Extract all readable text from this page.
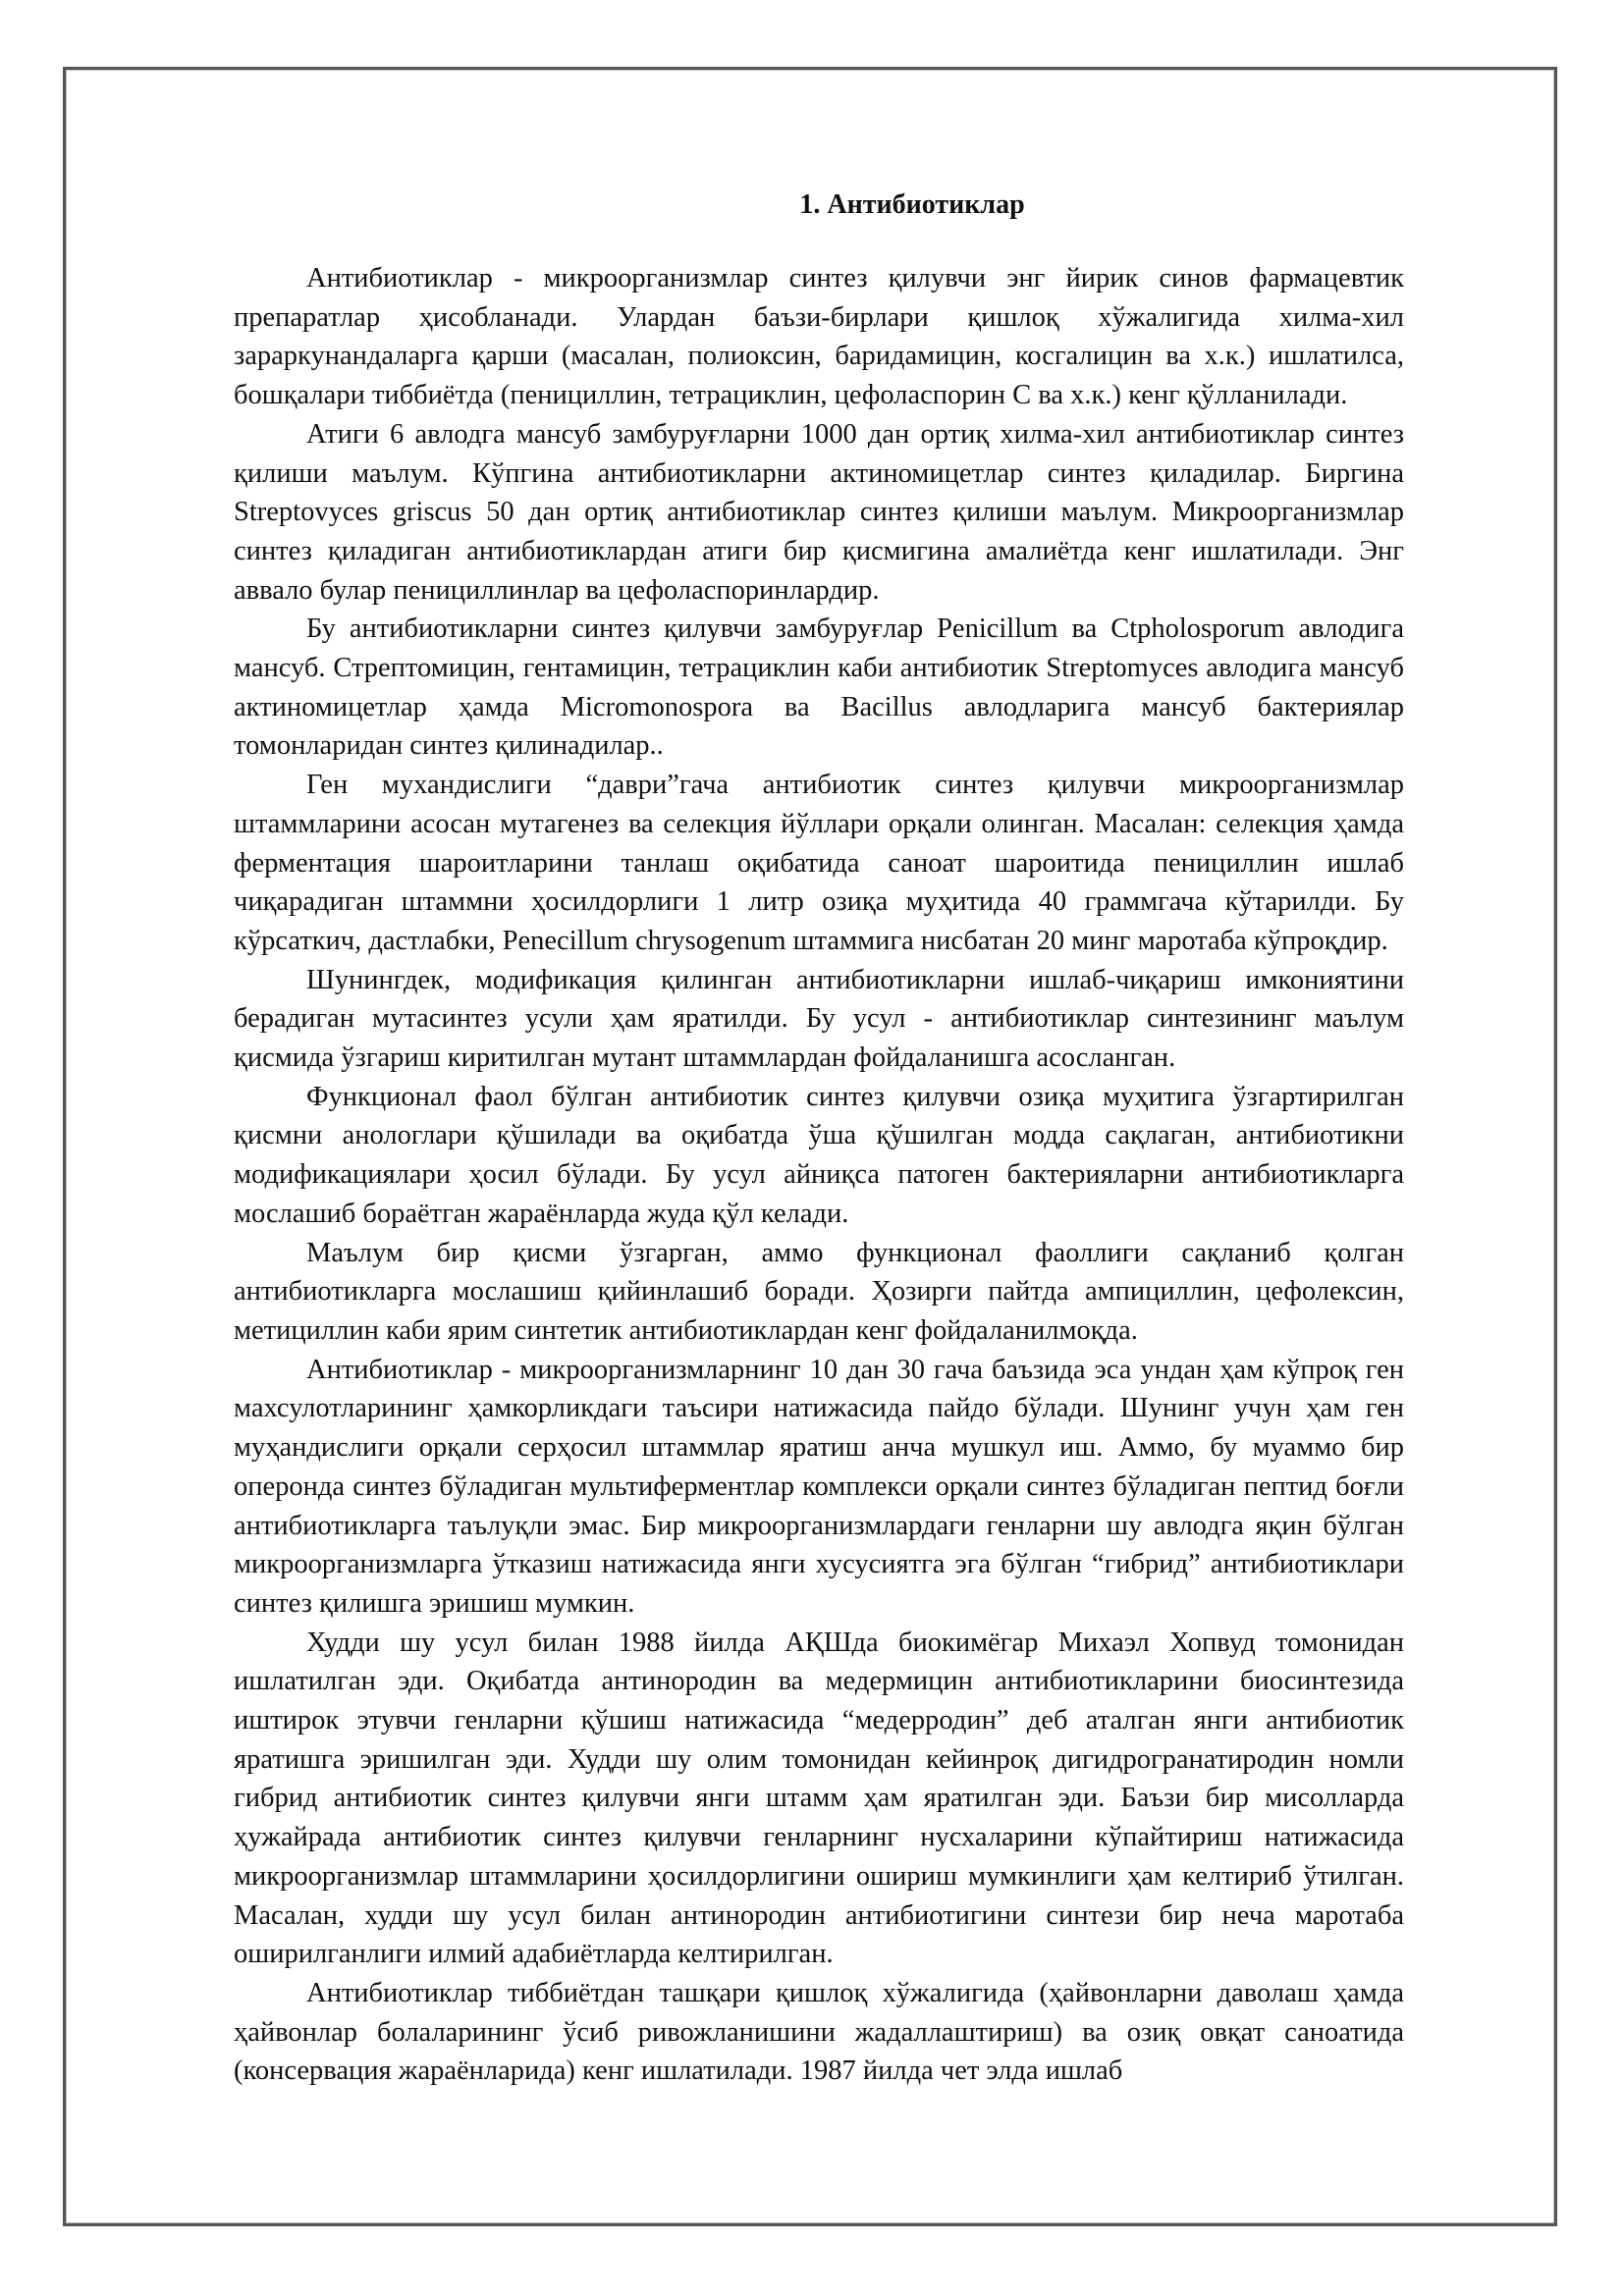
1. Антибиотиклар

Антибиотиклар - микроорганизмлар синтез қилувчи энг йирик синов фармацевтик препаратлар ҳисобланади. Улардан баъзи-бирлари қишлоқ хўжалигида хилма-хил зараркунандаларга қарши (масалан, полиоксин, баридамицин, косгалицин ва х.к.) ишлатилса, бошқалари тиббиётда (пенициллин, тетрациклин, цефоласпорин С ва х.к.) кенг қўлланилади.

Атиги 6 авлодга мансуб замбуруғларни 1000 дан ортиқ хилма-хил антибиотиклар синтез қилиши маълум. Кўпгина антибиотикларни актиномицетлар синтез қиладилар. Биргина Streptovyces griscus 50 дан ортиқ антибиотиклар синтез қилиши маълум. Микроорганизмлар синтез қиладиган антибиотиклардан атиги бир қисмигина амалиётда кенг ишлатилади. Энг аввало булар пенициллинлар ва цефоласпоринлардир.

Бу антибиотикларни синтез қилувчи замбуруғлар Penicillum ва Ctpholosporum авлодига мансуб. Стрептомицин, гентамицин, тетрациклин каби антибиотик Streptomyces авлодига мансуб актиномицетлар ҳамда Micromonospora ва Bacillus авлодларига мансуб бактериялар томонларидан синтез қилинадилар..

Ген мухандислиги “даври”гача антибиотик синтез қилувчи микроорганизмлар штаммларини асосан мутагенез ва селекция йўллари орқали олинган. Масалан: селекция ҳамда ферментация шароитларини танлаш оқибатида саноат шароитида пенициллин ишлаб чиқарадиган штаммни ҳосилдорлиги 1 литр озиқа муҳитида 40 граммгача кўтарилди. Бу кўрсаткич, дастлабки, Penecillum chrysogenum штаммига нисбатан 20 минг маротаба кўпроқдир.

Шунингдек, модификация қилинган антибиотикларни ишлаб-чиқариш имкониятини берадиган мутасинтез усули ҳам яратилди. Бу усул - антибиотиклар синтезининг маълум қисмида ўзгариш киритилган мутант штаммлардан фойдаланишга асосланган.

Функционал фаол бўлган антибиотик синтез қилувчи озиқа муҳитига ўзгартирилган қисмни анологлари қўшилади ва оқибатда ўша қўшилган модда сақлаган, антибиотикни модификациялари ҳосил бўлади. Бу усул айниқса патоген бактерияларни антибиотикларга мослашиб бораётган жараёнларда жуда қўл келади.

Маълум бир қисми ўзгарган, аммо функционал фаоллиги сақланиб қолган антибиотикларга мослашиш қийинлашиб боради. Ҳозирги пайтда ампициллин, цефолексин, метициллин каби ярим синтетик антибиотиклардан кенг фойдаланилмоқда.

Антибиотиклар - микроорганизмларнинг 10 дан 30 гача баъзида эса ундан ҳам кўпроқ ген махсулотларининг ҳамкорликдаги таъсири натижасида пайдо бўлади. Шунинг учун ҳам ген муҳандислиги орқали серҳосил штаммлар яратиш анча мушкул иш. Аммо, бу муаммо бир оперонда синтез бўладиган мультиферментлар комплекси орқали синтез бўладиган пептид боғли антибиотикларга таълуқли эмас. Бир микроорганизмлардаги генларни шу авлодга яқин бўлган микроорганизмларга ўтказиш натижасида янги хусусиятга эга бўлган “гибрид” антибиотиклари синтез қилишга эришиш мумкин.

Худди шу усул билан 1988 йилда АҚШда биокимёгар Михаэл Хопвуд томонидан ишлатилган эди. Оқибатда антинородин ва медермицин антибиотикларини биосинтезида иштирок этувчи генларни қўшиш натижасида “медерродин” деб аталган янги антибиотик яратишга эришилган эди. Худди шу олим томонидан кейинроқ дигидрогранатиродин номли гибрид антибиотик синтез қилувчи янги штамм ҳам яратилган эди. Баъзи бир мисолларда ҳужайрада антибиотик синтез қилувчи генларнинг нусхаларини кўпайтириш натижасида микроорганизмлар штаммларини ҳосилдорлигини ошириш мумкинлиги ҳам келтириб ўтилган. Масалан, худди шу усул билан антинородин антибиотигини синтези бир неча маротаба оширилганлиги илмий адабиётларда келтирилган.

Антибиотиклар тиббиётдан ташқари қишлоқ хўжалигида (ҳайвонларни даволаш ҳамда ҳайвонлар болаларининг ўсиб ривожланишини жадаллаштириш) ва озиқ овқат саноатида (консервация жараёнларида) кенг ишлатилади. 1987 йилда чет элда ишлаб
